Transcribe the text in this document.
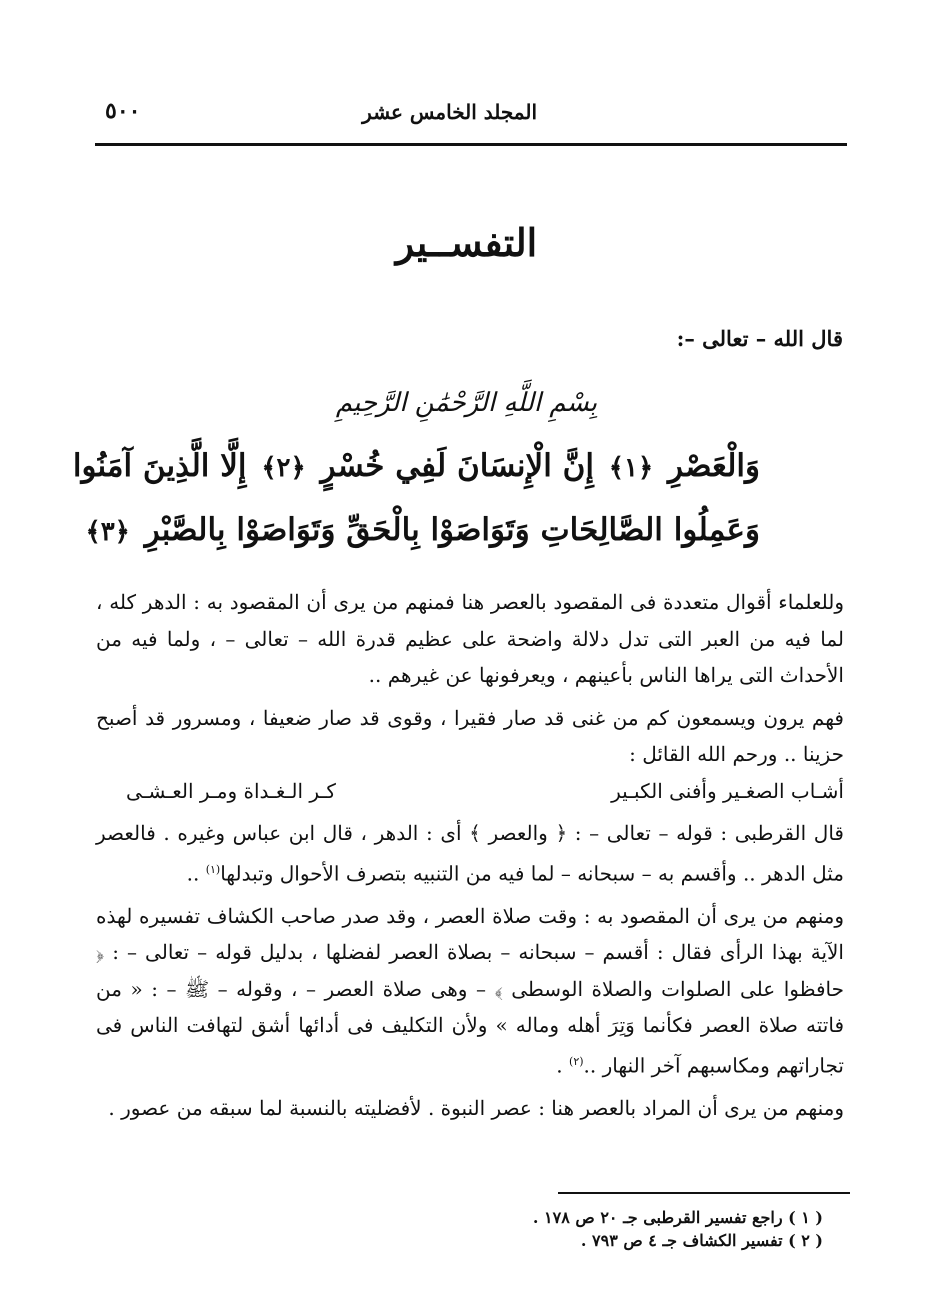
المجلد الخامس عشر
٥٠٠
التفســير
قال الله – تعالى –:
بِسْمِ اللَّهِ الرَّحْمَٰنِ الرَّحِيمِ
وَالْعَصْرِ ﴿١﴾ إِنَّ الْإِنسَانَ لَفِي خُسْرٍ ﴿٢﴾ إِلَّا الَّذِينَ آمَنُوا
وَعَمِلُوا الصَّالِحَاتِ وَتَوَاصَوْا بِالْحَقِّ وَتَوَاصَوْا بِالصَّبْرِ ﴿٣﴾

وللعلماء أقوال متعددة فى المقصود بالعصر هنا فمنهم من يرى أن المقصود به : الدهر كله ، لما فيه من العبر التى تدل دلالة واضحة على عظيم قدرة الله – تعالى – ، ولما فيه من الأحداث التى يراها الناس بأعينهم ، ويعرفونها عن غيرهم ..

فهم يرون ويسمعون كم من غنى قد صار فقيرا ، وقوى قد صار ضعيفا ، ومسرور قد أصبح حزينا .. ورحم الله القائل :

أشـاب الصغـير وأفنى الكبـير
كـر الـغـداة ومـر العـشـى

قال القرطبى : قوله – تعالى – : ﴿ والعصر ﴾ أى : الدهر ، قال ابن عباس وغيره . فالعصر مثل الدهر .. وأقسم به – سبحانه – لما فيه من التنبيه بتصرف الأحوال وتبدلها$^{(١)}$ ..

ومنهم من يرى أن المقصود به : وقت صلاة العصر ، وقد صدر صاحب الكشاف تفسيره لهذه الآية بهذا الرأى فقال : أقسم – سبحانه – بصلاة العصر لفضلها ، بدليل قوله – تعالى – : ﴿ حافظوا على الصلوات والصلاة الوسطى ﴾ – وهى صلاة العصر – ، وقوله – ﷺ – : « من فاتته صلاة العصر فكأنما وَتِرَ أهله وماله » ولأن التكليف فى أدائها أشق لتهافت الناس فى تجاراتهم ومكاسبهم آخر النهار ..$^{(٢)}$ .

ومنهم من يرى أن المراد بالعصر هنا : عصر النبوة . لأفضليته بالنسبة لما سبقه من عصور .

( ١ ) راجع تفسير القرطبى جـ ٢٠ ص ١٧٨ .
( ٢ ) تفسير الكشاف جـ ٤ ص ٧٩٣ .
